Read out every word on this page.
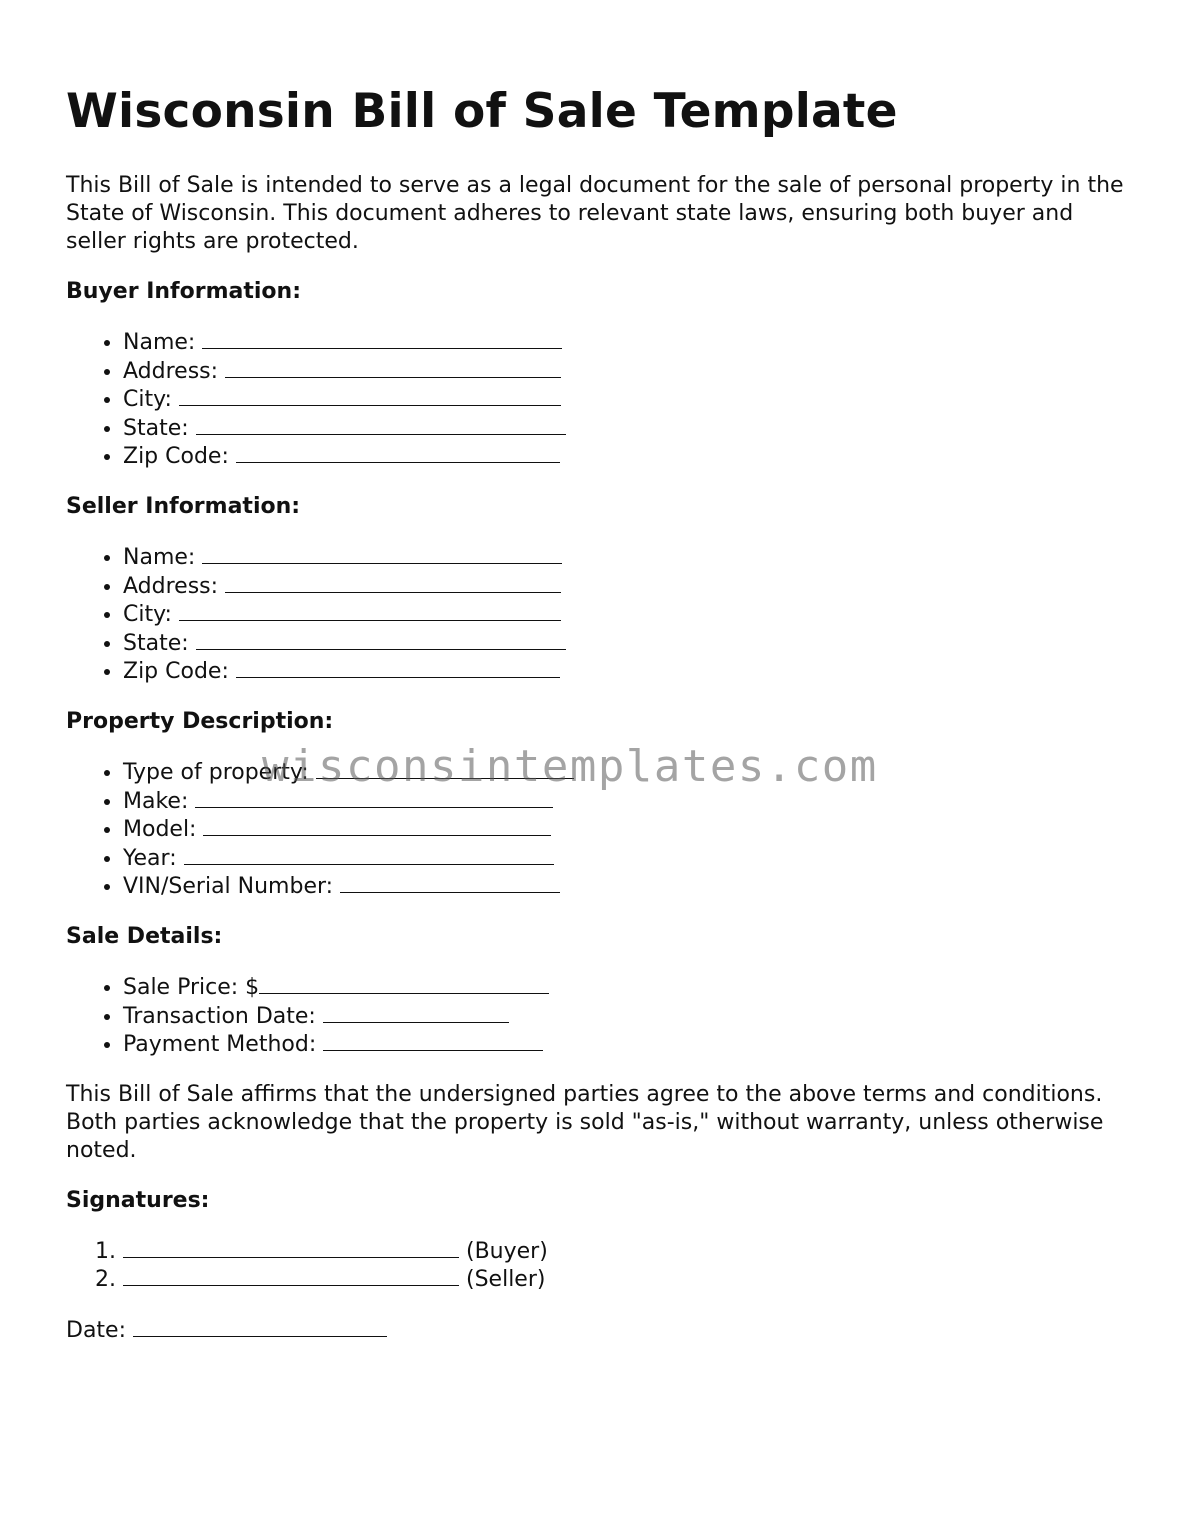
Wisconsin Bill of Sale Template

This Bill of Sale is intended to serve as a legal document for the sale of personal property in the State of Wisconsin. This document adheres to relevant state laws, ensuring both buyer and seller rights are protected.

Buyer Information:

• Name:
• Address:
• City:
• State:
• Zip Code:

Seller Information:

• Name:
• Address:
• City:
• State:
• Zip Code:

Property Description:

• Type of property:
• Make:
• Model:
• Year:
• VIN/Serial Number:

Sale Details:

• Sale Price: $
• Transaction Date:
• Payment Method:

This Bill of Sale affirms that the undersigned parties agree to the above terms and conditions. Both parties acknowledge that the property is sold "as-is," without warranty, unless otherwise noted.

Signatures:

1. (Buyer)
2. (Seller)

Date:

wisconsintemplates.com
